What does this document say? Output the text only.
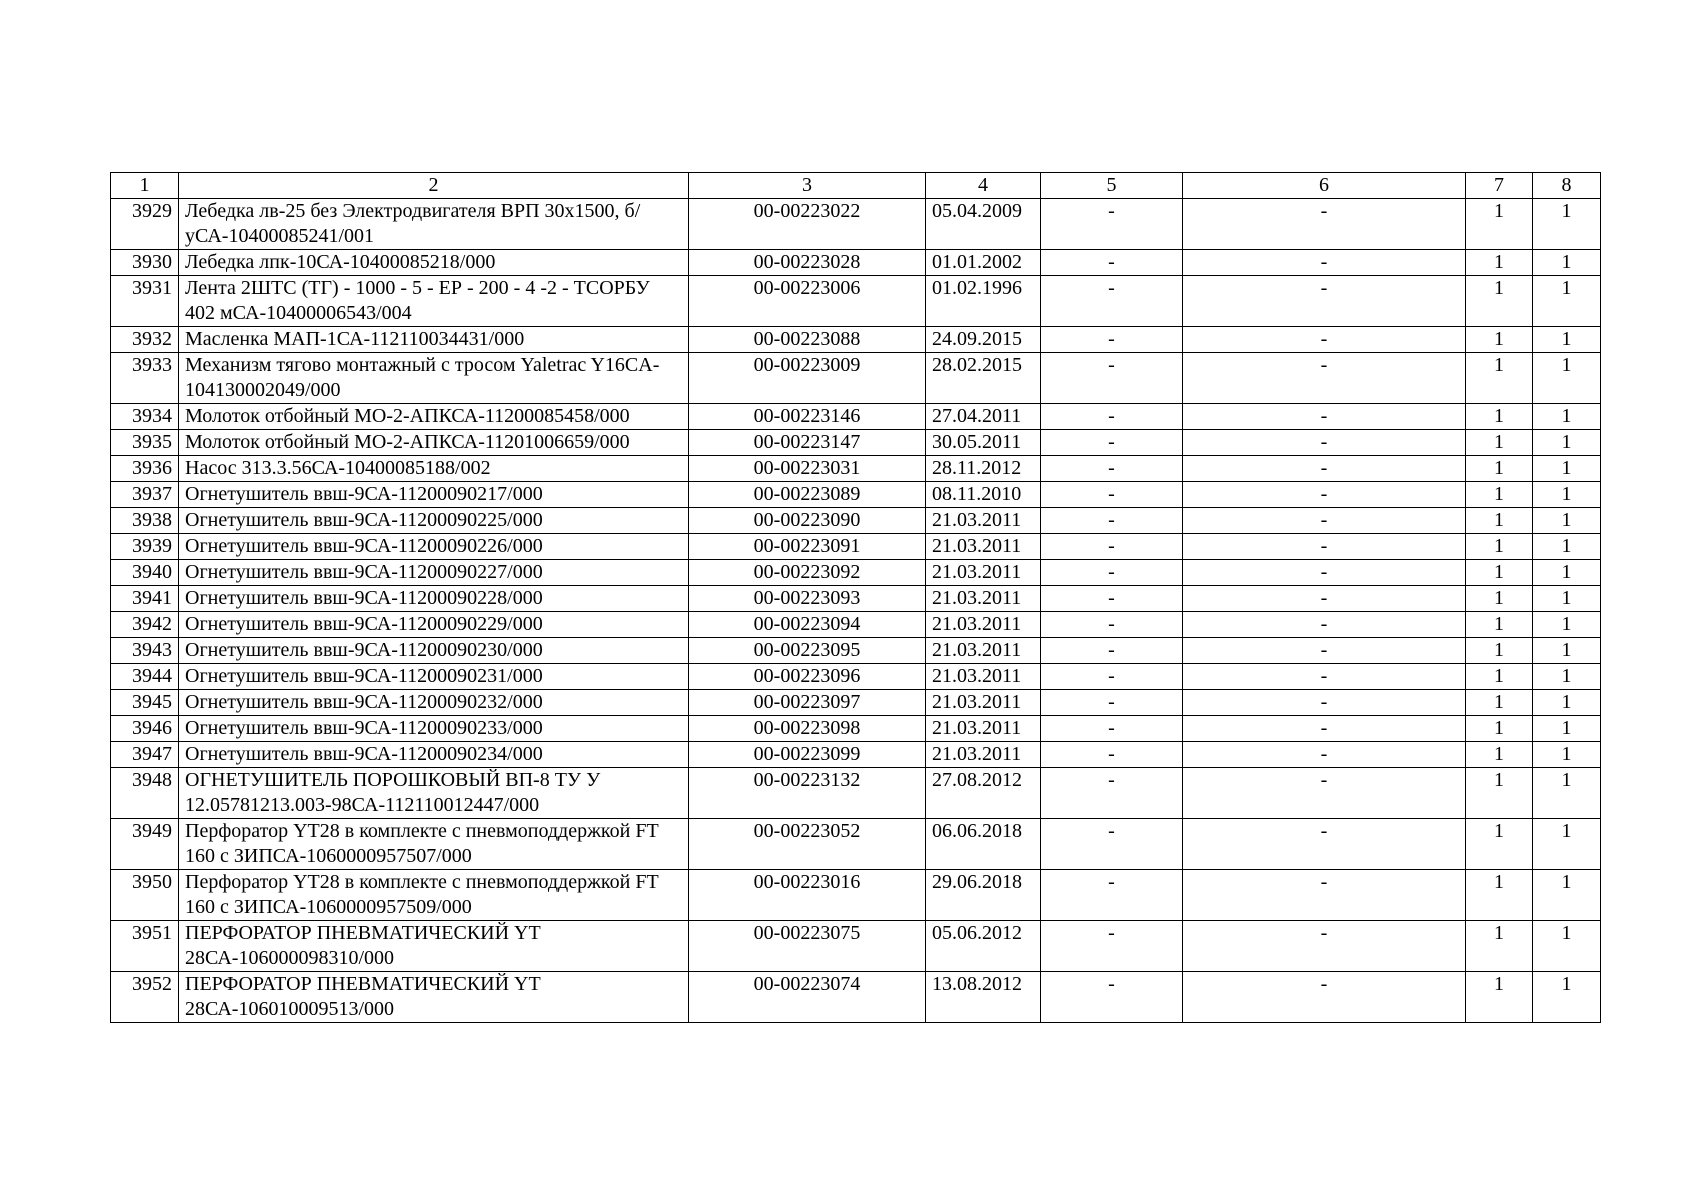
1	2	3	4	5	6	7	8
3929	Лебедка лв-25 без Электродвигателя ВРП 30х1500, б/уСА-10400085241/001	00-00223022	05.04.2009	-	-	1	1
3930	Лебедка лпк-10СА-10400085218/000	00-00223028	01.01.2002	-	-	1	1
3931	Лента 2ШТС (ТГ) - 1000 - 5 - ЕР - 200 - 4 -2 - ТСОРБУ 402 мСА-10400006543/004	00-00223006	01.02.1996	-	-	1	1
3932	Масленка МАП-1СА-112110034431/000	00-00223088	24.09.2015	-	-	1	1
3933	Механизм тягово монтажный с тросом Yaletrac Y16CA-104130002049/000	00-00223009	28.02.2015	-	-	1	1
3934	Молоток отбойный МО-2-АПКСА-11200085458/000	00-00223146	27.04.2011	-	-	1	1
3935	Молоток отбойный МО-2-АПКСА-11201006659/000	00-00223147	30.05.2011	-	-	1	1
3936	Насос 313.3.56СА-10400085188/002	00-00223031	28.11.2012	-	-	1	1
3937	Огнетушитель ввш-9СА-11200090217/000	00-00223089	08.11.2010	-	-	1	1
3938	Огнетушитель ввш-9СА-11200090225/000	00-00223090	21.03.2011	-	-	1	1
3939	Огнетушитель ввш-9СА-11200090226/000	00-00223091	21.03.2011	-	-	1	1
3940	Огнетушитель ввш-9СА-11200090227/000	00-00223092	21.03.2011	-	-	1	1
3941	Огнетушитель ввш-9СА-11200090228/000	00-00223093	21.03.2011	-	-	1	1
3942	Огнетушитель ввш-9СА-11200090229/000	00-00223094	21.03.2011	-	-	1	1
3943	Огнетушитель ввш-9СА-11200090230/000	00-00223095	21.03.2011	-	-	1	1
3944	Огнетушитель ввш-9СА-11200090231/000	00-00223096	21.03.2011	-	-	1	1
3945	Огнетушитель ввш-9СА-11200090232/000	00-00223097	21.03.2011	-	-	1	1
3946	Огнетушитель ввш-9СА-11200090233/000	00-00223098	21.03.2011	-	-	1	1
3947	Огнетушитель ввш-9СА-11200090234/000	00-00223099	21.03.2011	-	-	1	1
3948	ОГНЕТУШИТЕЛЬ ПОРОШКОВЫЙ ВП-8 ТУ У 12.05781213.003-98СА-112110012447/000	00-00223132	27.08.2012	-	-	1	1
3949	Перфоратор YT28 в комплекте с пневмоподдержкой FT 160 с ЗИПСА-1060000957507/000	00-00223052	06.06.2018	-	-	1	1
3950	Перфоратор YT28 в комплекте с пневмоподдержкой FT 160 с ЗИПСА-1060000957509/000	00-00223016	29.06.2018	-	-	1	1
3951	ПЕРФОРАТОР ПНЕВМАТИЧЕСКИЙ YT 28СА-106000098310/000	00-00223075	05.06.2012	-	-	1	1
3952	ПЕРФОРАТОР ПНЕВМАТИЧЕСКИЙ YT 28СА-106010009513/000	00-00223074	13.08.2012	-	-	1	1
